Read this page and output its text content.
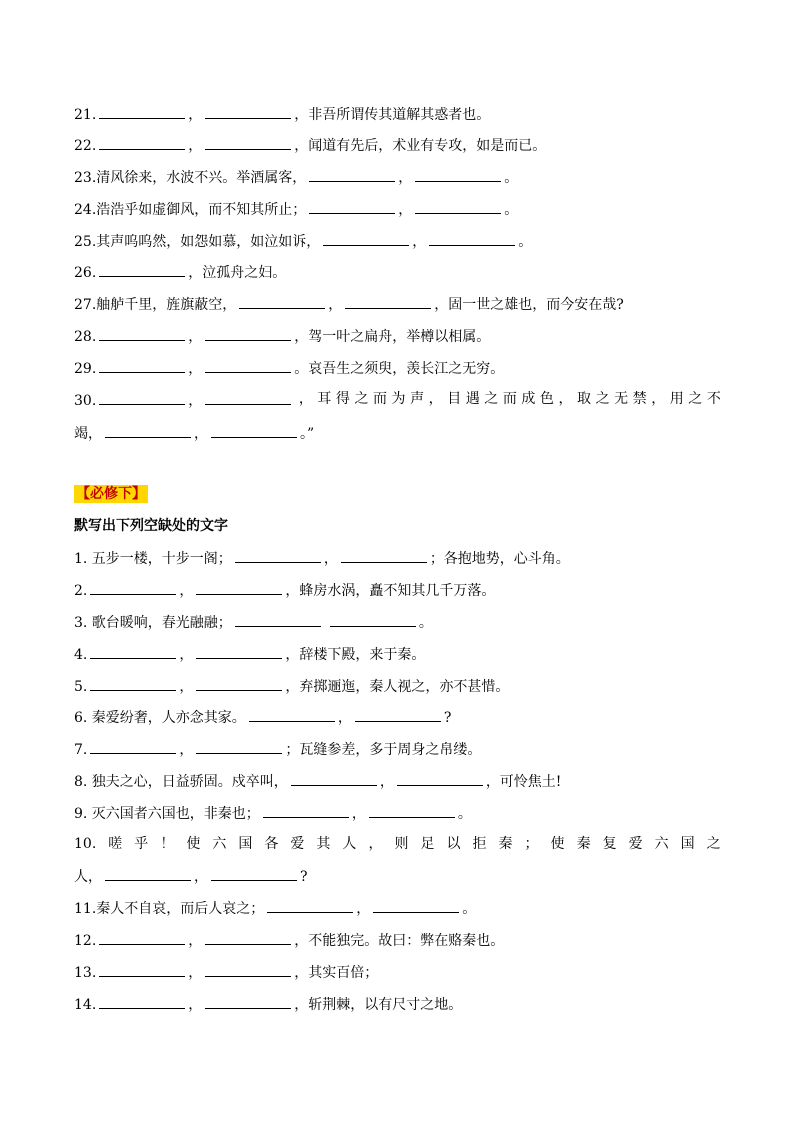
21.	，	，非吾所谓传其道解其惑者也。
22.	，	，闻道有先后，术业有专攻，如是而已。
23.清风徐来，水波不兴。举酒属客，	，	。
24.浩浩乎如虚御风，而不知其所止；	，	。
25.其声呜呜然，如怨如慕，如泣如诉，	，	。
26.	，泣孤舟之妇。
27.舳舻千里，旌旗蔽空，	，	，固一世之雄也，而今安在哉?
28.	，	，驾一叶之扁舟，举樽以相属。
29.	，	。哀吾生之须臾，羡长江之无穷。
30.	，	， 耳 得 之 而 为 声 ， 目 遇 之 而 成 色 ， 取 之 无 禁 ， 用 之 不
竭，	，	。”
【必修下】
默写出下列空缺处的文字
1. 五步一楼，十步一阁；	，	；各抱地势，心斗角。
2.	，	，蜂房水涡，矗不知其几千万落。
3. 歌台暖响，春光融融；	。
4.	，	，辞楼下殿，来于秦。
5.	，	，弃掷逦迤，秦人视之，亦不甚惜。
6. 秦爱纷奢，人亦念其家。	，	?
7.	，	；瓦缝参差，多于周身之帛缕。
8. 独夫之心，日益骄固。戍卒叫，	，	，可怜焦土!
9. 灭六国者六国也，非秦也；	，	。
10. 嗟 乎 ！ 使 六 国 各 爱 其 人 ， 则 足 以 拒 秦 ； 使 秦 复 爱 六 国 之
人，	，	?
11.秦人不自哀，而后人哀之；	，	。
12.	，	，不能独完。故曰：弊在赂秦也。
13.	，	，其实百倍；
14.	，	，斩荆棘，以有尺寸之地。
